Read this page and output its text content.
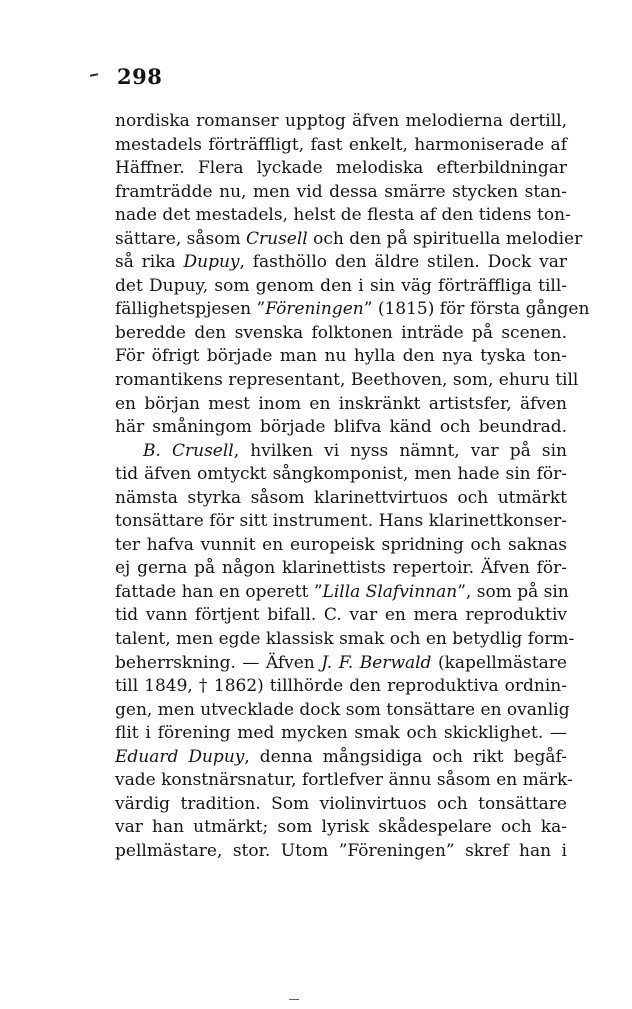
298
nordiska romanser upptog äfven melodierna dertill,
mestadels förträffligt, fast enkelt, harmoniserade af
Häffner. Flera lyckade melodiska efterbildningar
framträdde nu, men vid dessa smärre stycken stan-
nade det mestadels, helst de flesta af den tidens ton-
sättare, såsom Crusell och den på spirituella melodier
så rika Dupuy, fasthöllo den äldre stilen. Dock var
det Dupuy, som genom den i sin väg förträffliga till-
fällighetspjesen ”Föreningen” (1815) för första gången
beredde den svenska folktonen inträde på scenen.
För öfrigt började man nu hylla den nya tyska ton-
romantikens representant, Beethoven, som, ehuru till
en början mest inom en inskränkt artistsfer, äfven
här småningom började blifva känd och beundrad.
B. Crusell, hvilken vi nyss nämnt, var på sin
tid äfven omtyckt sångkomponist, men hade sin för-
nämsta styrka såsom klarinettvirtuos och utmärkt
tonsättare för sitt instrument. Hans klarinettkonser-
ter hafva vunnit en europeisk spridning och saknas
ej gerna på någon klarinettists repertoir. Äfven för-
fattade han en operett ”Lilla Slafvinnan”, som på sin
tid vann förtjent bifall. C. var en mera reproduktiv
talent, men egde klassisk smak och en betydlig form-
beherrskning. — Äfven J. F. Berwald (kapellmästare
till 1849, † 1862) tillhörde den reproduktiva ordnin-
gen, men utvecklade dock som tonsättare en ovanlig
flit i förening med mycken smak och skicklighet. —
Eduard Dupuy, denna mångsidiga och rikt begåf-
vade konstnärsnatur, fortlefver ännu såsom en märk-
värdig tradition. Som violinvirtuos och tonsättare
var han utmärkt; som lyrisk skådespelare och ka-
pellmästare, stor. Utom ”Föreningen” skref han i
